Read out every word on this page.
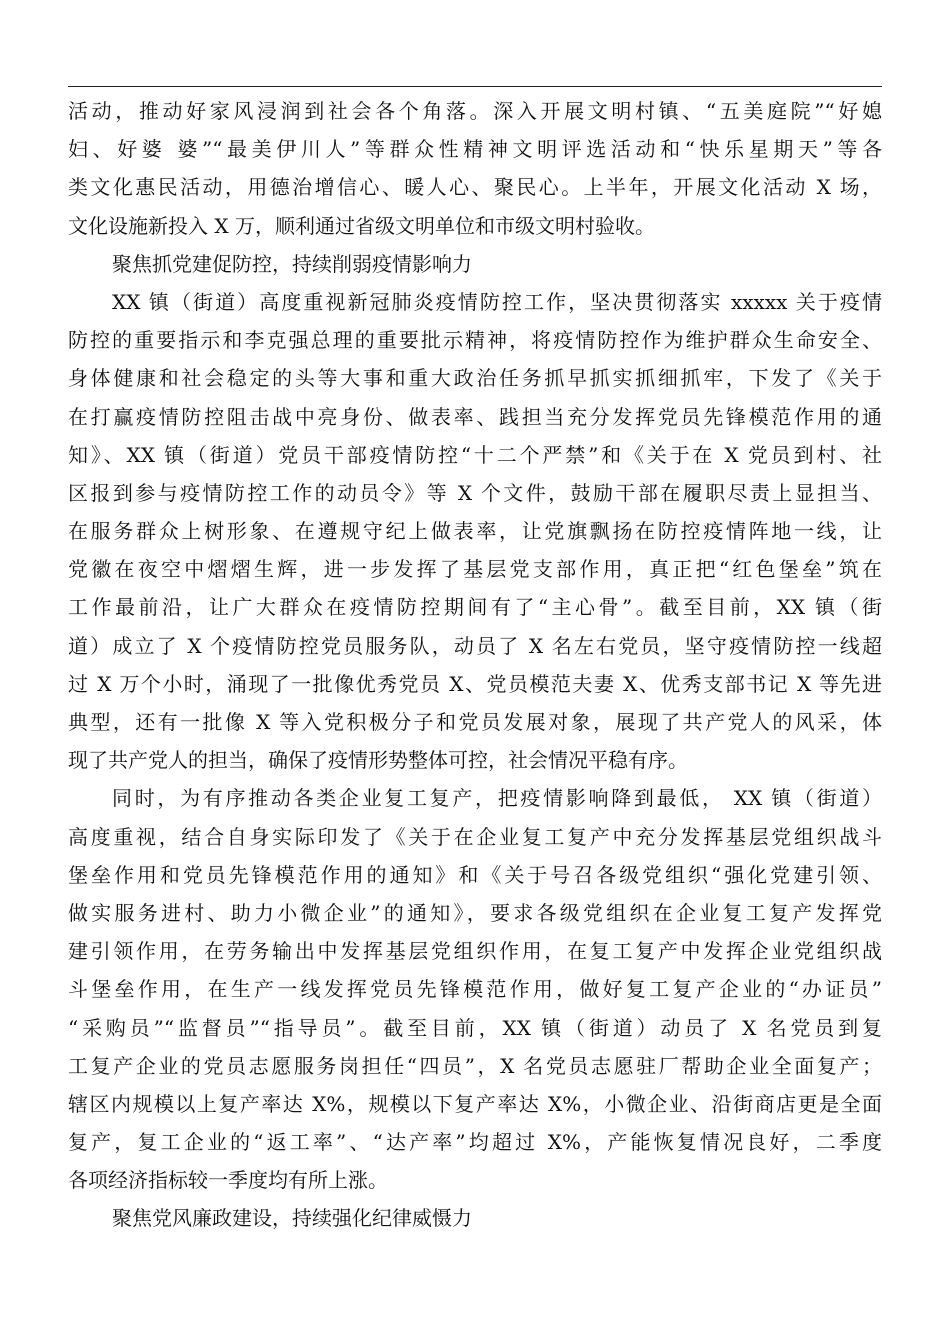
活动，推动好家风浸润到社会各个角落。深入开展文明村镇、“五美庭院”“好媳
妇、好婆 婆”“最美伊川人”等群众性精神文明评选活动和“快乐星期天”等各
类文化惠民活动，用德治增信心、暖人心、聚民心。上半年，开展文化活动 X 场，
文化设施新投入 X 万，顺利通过省级文明单位和市级文明村验收。
聚焦抓党建促防控，持续削弱疫情影响力
XX 镇（街道）高度重视新冠肺炎疫情防控工作，坚决贯彻落实 xxxxx 关于疫情
防控的重要指示和李克强总理的重要批示精神，将疫情防控作为维护群众生命安全、
身体健康和社会稳定的头等大事和重大政治任务抓早抓实抓细抓牢，下发了《关于
在打赢疫情防控阻击战中亮身份、做表率、践担当充分发挥党员先锋模范作用的通
知》、XX 镇（街道）党员干部疫情防控“十二个严禁”和《关于在 X 党员到村、社
区报到参与疫情防控工作的动员令》等 X 个文件，鼓励干部在履职尽责上显担当、
在服务群众上树形象、在遵规守纪上做表率，让党旗飘扬在防控疫情阵地一线，让
党徽在夜空中熠熠生辉，进一步发挥了基层党支部作用，真正把“红色堡垒”筑在
工作最前沿，让广大群众在疫情防控期间有了“主心骨”。截至目前，XX 镇（街
道）成立了 X 个疫情防控党员服务队，动员了 X 名左右党员，坚守疫情防控一线超
过 X 万个小时，涌现了一批像优秀党员 X、党员模范夫妻 X、优秀支部书记 X 等先进
典型，还有一批像 X 等入党积极分子和党员发展对象，展现了共产党人的风采，体
现了共产党人的担当，确保了疫情形势整体可控，社会情况平稳有序。
同时，为有序推动各类企业复工复产，把疫情影响降到最低， XX 镇（街道）
高度重视，结合自身实际印发了《关于在企业复工复产中充分发挥基层党组织战斗
堡垒作用和党员先锋模范作用的通知》和《关于号召各级党组织“强化党建引领、
做实服务进村、助力小微企业”的通知》，要求各级党组织在企业复工复产发挥党
建引领作用，在劳务输出中发挥基层党组织作用，在复工复产中发挥企业党组织战
斗堡垒作用，在生产一线发挥党员先锋模范作用，做好复工复产企业的“办证员”
“采购员”“监督员”“指导员”。截至目前，XX 镇（街道）动员了 X 名党员到复
工复产企业的党员志愿服务岗担任“四员”，X 名党员志愿驻厂帮助企业全面复产；
辖区内规模以上复产率达 X%，规模以下复产率达 X%，小微企业、沿街商店更是全面
复产，复工企业的“返工率”、“达产率”均超过 X%，产能恢复情况良好，二季度
各项经济指标较一季度均有所上涨。
聚焦党风廉政建设，持续强化纪律威慑力
